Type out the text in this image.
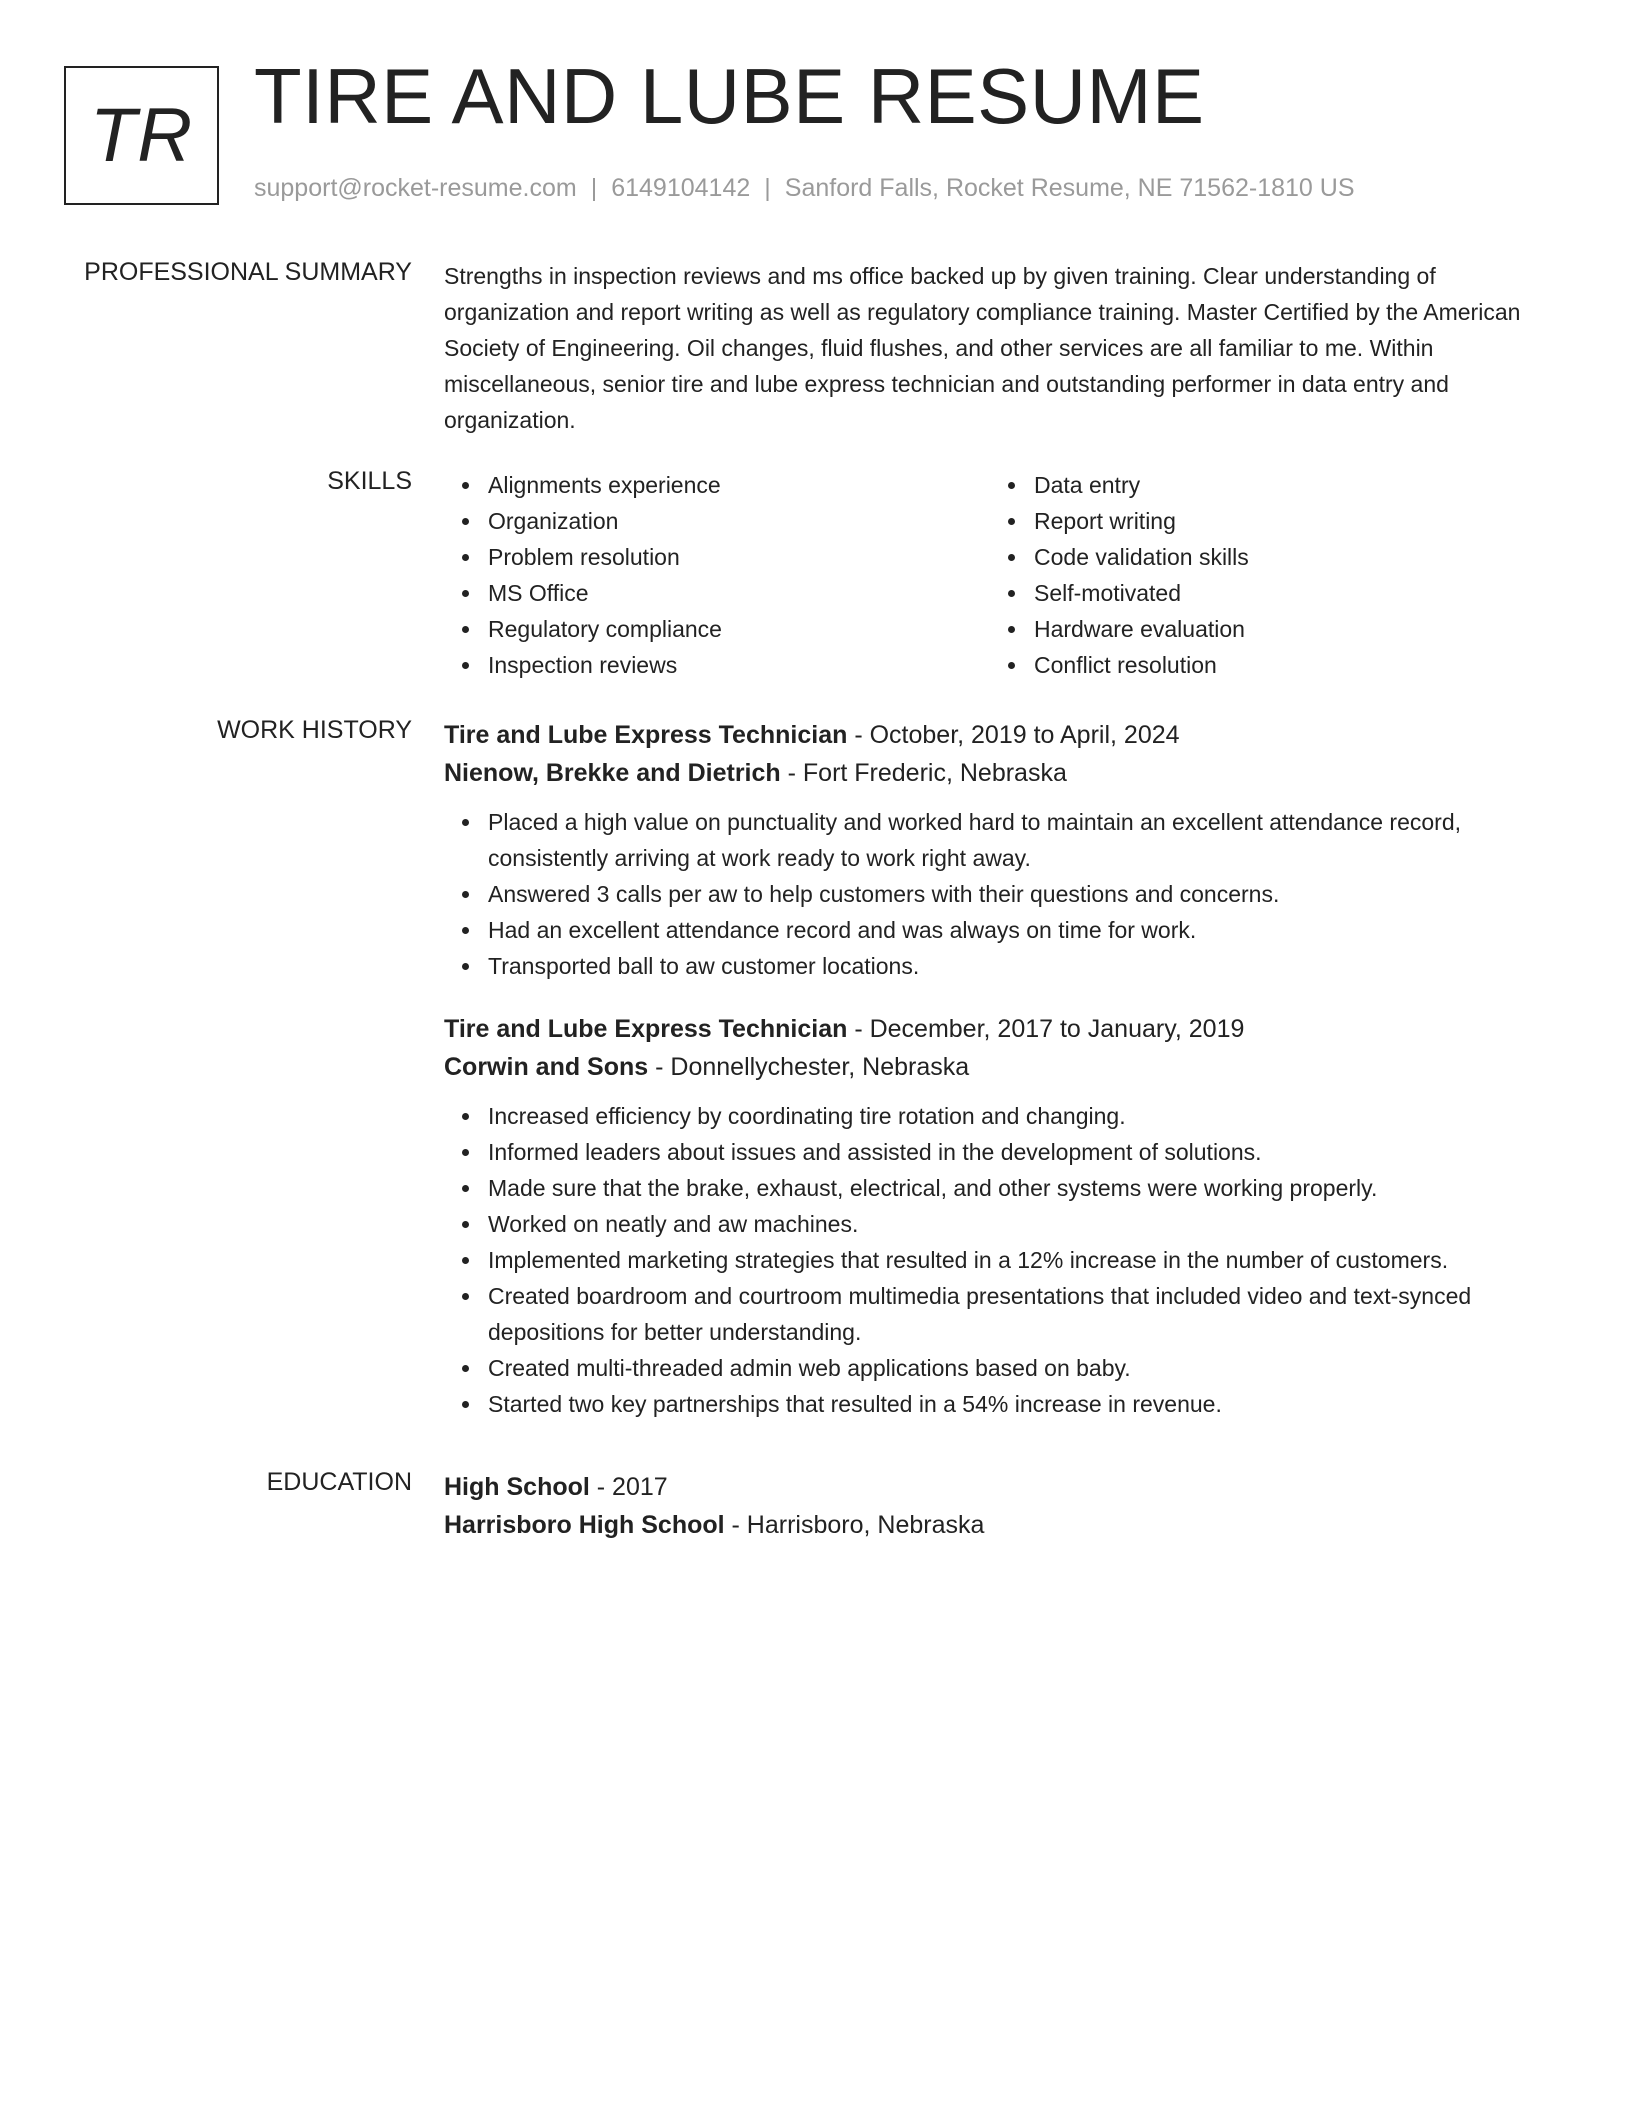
TR TIRE AND LUBE RESUME
support@rocket-resume.com | 6149104142 | Sanford Falls, Rocket Resume, NE 71562-1810 US
PROFESSIONAL SUMMARY Strengths in inspection reviews and ms office backed up by given training. Clear understanding of organization and report writing as well as regulatory compliance training. Master Certified by the American Society of Engineering. Oil changes, fluid flushes, and other services are all familiar to me. Within miscellaneous, senior tire and lube express technician and outstanding performer in data entry and organization.

SKILLS	Alignments experience
Organization
Problem resolution
MS Office
Regulatory compliance
Inspection reviews
Data entry
Report writing
Code validation skills
Self-motivated
Hardware evaluation
Conflict resolution
WORK HISTORY Tire and Lube Express Technician - October, 2019 to April, 2024
Nienow, Brekke and Dietrich - Fort Frederic, Nebraska
Placed a high value on punctuality and worked hard to maintain an excellent attendance record, consistently arriving at work ready to work right away.
Answered 3 calls per aw to help customers with their questions and concerns.
Had an excellent attendance record and was always on time for work.
Transported ball to aw customer locations.
Tire and Lube Express Technician - December, 2017 to January, 2019
Corwin and Sons - Donnellychester, Nebraska
Increased efficiency by coordinating tire rotation and changing.
Informed leaders about issues and assisted in the development of solutions.
Made sure that the brake, exhaust, electrical, and other systems were working properly.
Worked on neatly and aw machines.
Implemented marketing strategies that resulted in a 12% increase in the number of customers.
Created boardroom and courtroom multimedia presentations that included video and text-synced depositions for better understanding.
Created multi-threaded admin web applications based on baby.
Started two key partnerships that resulted in a 54% increase in revenue.
EDUCATION High School - 2017
Harrisboro High School - Harrisboro, Nebraska
